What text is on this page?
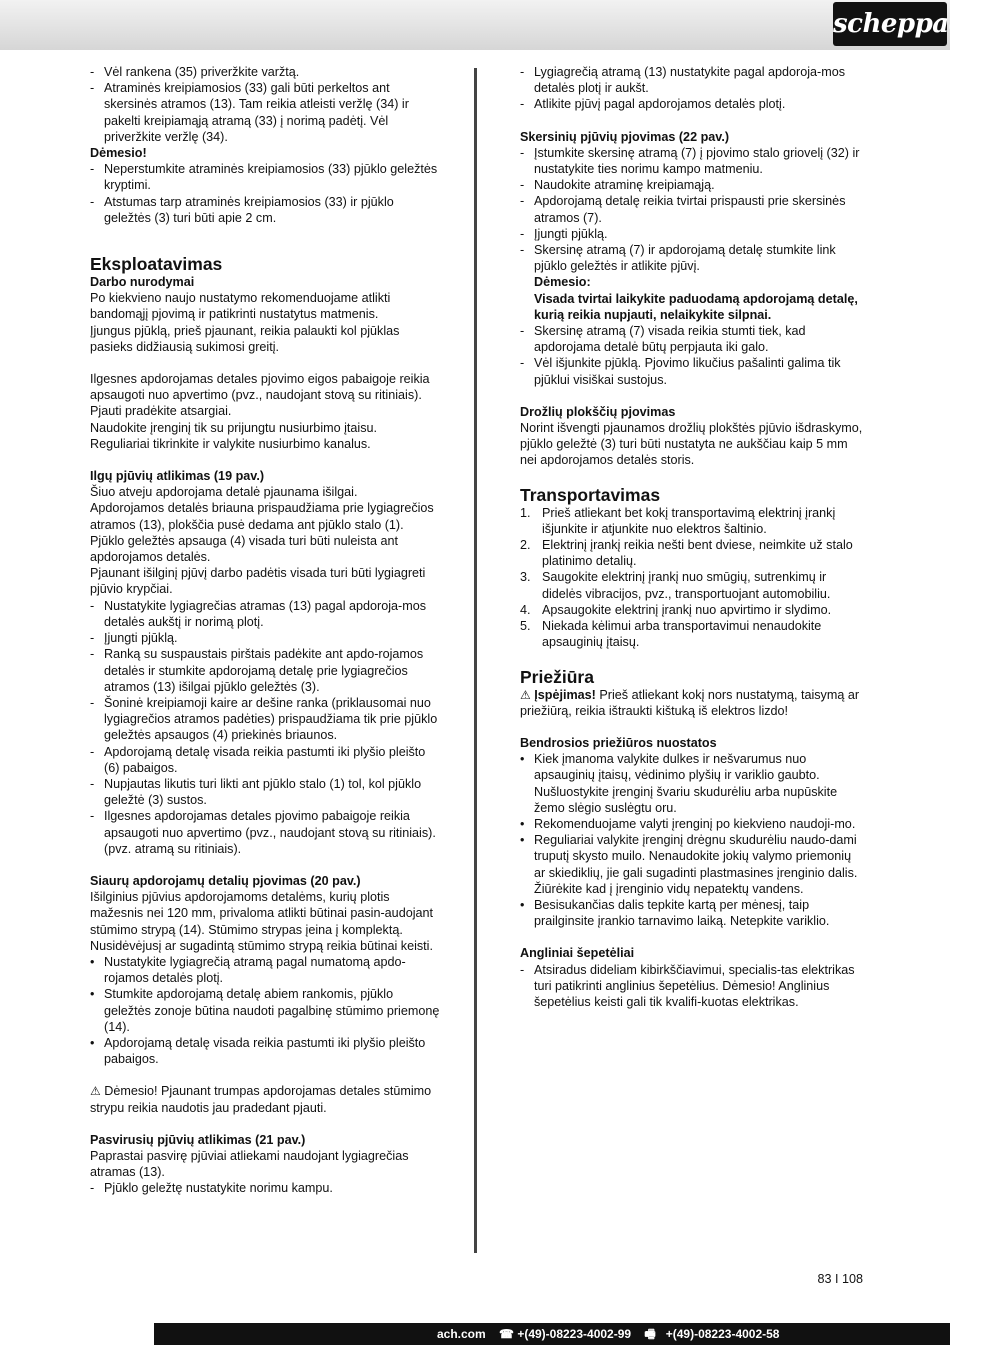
scheppach

- Vėl rankena (35) priveržkite varžtą.

- Atraminės kreipiamosios (33) gali būti perkeltos ant skersinės atramos (13). Tam reikia atleisti veržlę (34) ir pakelti kreipiamąją atramą (33) į norimą padėtį. Vėl priveržkite veržlę (34).

Dėmesio!

- Neperstumkite atraminės kreipiamosios (33) pjūklo geležtės kryptimi.

- Atstumas tarp atraminės kreipiamosios (33) ir pjūklo geležtės (3) turi būti apie 2 cm.

Eksploatavimas

Darbo nurodymai

Po kiekvieno naujo nustatymo rekomenduojame atlikti bandomąjį pjovimą ir patikrinti nustatytus matmenis.

Įjungus pjūklą, prieš pjaunant, reikia palaukti kol pjūklas pasieks didžiausią sukimosi greitį.

Ilgesnes apdorojamas detales pjovimo eigos pabaigoje reikia apsaugoti nuo apvertimo (pvz., naudojant stovą su ritiniais).

Pjauti pradėkite atsargiai.

Naudokite įrenginį tik su prijungtu nusiurbimo įtaisu.

Reguliariai tikrinkite ir valykite nusiurbimo kanalus.

Ilgų pjūvių atlikimas (19 pav.)

Šiuo atveju apdorojama detalė pjaunama išilgai.

Apdorojamos detalės briauna prispaudžiama prie lygiagrečios atramos (13), plokščia pusė dedama ant pjūklo stalo (1).

Pjūklo geležtės apsauga (4) visada turi būti nuleista ant apdorojamos detalės.

Pjaunant išilginį pjūvį darbo padėtis visada turi būti lygiagreti pjūvio krypčiai.

- Nustatykite lygiagrečias atramas (13) pagal apdoroja-mos detalės aukštį ir norimą plotį.

- Įjungti pjūklą.

- Ranką su suspaustais pirštais padėkite ant apdo-rojamos detalės ir stumkite apdorojamą detalę prie lygiagrečios atramos (13) išilgai pjūklo geležtės (3).

- Šoninė kreipiamoji kaire ar dešine ranka (priklausomai nuo lygiagrečios atramos padėties) prispaudžiama tik prie pjūklo geležtės apsaugos (4) priekinės briaunos.

- Apdorojamą detalę visada reikia pastumti iki plyšio pleišto (6) pabaigos.

- Nupjautas likutis turi likti ant pjūklo stalo (1) tol, kol pjūklo geležtė (3) sustos.

- Ilgesnes apdorojamas detales pjovimo pabaigoje reikia apsaugoti nuo apvertimo (pvz., naudojant stovą su ritiniais). (pvz. atramą su ritiniais).

Siaurų apdorojamų detalių pjovimas (20 pav.)

Išilginius pjūvius apdorojamoms detalėms, kurių plotis mažesnis nei 120 mm, privaloma atlikti būtinai pasin-audojant stūmimo strypą (14). Stūmimo strypas įeina į komplektą. Nusidėvėjusį ar sugadintą stūmimo strypą reikia būtinai keisti.

• Nustatykite lygiagrečią atramą pagal numatomą apdo-rojamos detalės plotį.

• Stumkite apdorojamą detalę abiem rankomis, pjūklo geležtės zonoje būtina naudoti pagalbinę stūmimo priemonę (14).

• Apdorojamą detalę visada reikia pastumti iki plyšio pleišto pabaigos.

⚠ Dėmesio! Pjaunant trumpas apdorojamas detales stūmimo strypu reikia naudotis jau pradedant pjauti.

Pasvirusių pjūvių atlikimas (21 pav.)

Paprastai pasvirę pjūviai atliekami naudojant lygiagrečias atramas (13).

- Pjūklo geležtę nustatykite norimu kampu.

- Lygiagrečią atramą (13) nustatykite pagal apdoroja-mos detalės plotį ir aukšt.

- Atlikite pjūvį pagal apdorojamos detalės plotį.

Skersinių pjūvių pjovimas (22 pav.)

- Įstumkite skersinę atramą (7) į pjovimo stalo griovelį (32) ir nustatykite ties norimu kampo matmeniu.

- Naudokite atraminę kreipiamąją.

- Apdorojamą detalę reikia tvirtai prispausti prie skersinės atramos (7).

- Įjungti pjūklą.

- Skersinę atramą (7) ir apdorojamą detalę stumkite link pjūklo geležtės ir atlikite pjūvį.

Dėmesio:

Visada tvirtai laikykite paduodamą apdorojamą detalę, kurią reikia nupjauti, nelaikykite silpnai.

- Skersinę atramą (7) visada reikia stumti tiek, kad apdorojama detalė būtų perpjauta iki galo.

- Vėl išjunkite pjūklą. Pjovimo likučius pašalinti galima tik pjūklui visiškai sustojus.

Drožlių plokščių pjovimas

Norint išvengti pjaunamos drožlių plokštės pjūvio išdraskymo, pjūklo geležtė (3) turi būti nustatyta ne aukščiau kaip 5 mm nei apdorojamos detalės storis.

Transportavimas

1. Prieš atliekant bet kokį transportavimą elektrinį įrankį išjunkite ir atjunkite nuo elektros šaltinio.

2. Elektrinį įrankį reikia nešti bent dviese, neimkite už stalo platinimo detalių.

3. Saugokite elektrinį įrankį nuo smūgių, sutrenkimų ir didelės vibracijos, pvz., transportuojant automobiliu.

4. Apsaugokite elektrinį įrankį nuo apvirtimo ir slydimo.

5. Niekada kėlimui arba transportavimui nenaudokite apsauginių įtaisų.

Priežiūra

⚠ Įspėjimas! Prieš atliekant kokį nors nustatymą, taisymą ar priežiūrą, reikia ištraukti kištuką iš elektros lizdo!

Bendrosios priežiūros nuostatos

• Kiek įmanoma valykite dulkes ir nešvarumus nuo apsauginių įtaisų, vėdinimo plyšių ir variklio gaubto. Nušluostykite įrenginį švariu skudurėliu arba nupūskite žemo slėgio suslėgtu oru.

• Rekomenduojame valyti įrenginį po kiekvieno naudoji-mo.

• Reguliariai valykite įrenginį drėgnu skudurėliu naudo-dami truputį skysto muilo. Nenaudokite jokių valymo priemonių ar skiediklių, jie gali sugadinti plastmasines įrenginio dalis. Žiūrėkite kad į įrenginio vidų nepatektų vandens.

• Besisukančias dalis tepkite kartą per mėnesį, taip prailginsite įrankio tarnavimo laiką. Netepkite variklio.

Angliniai šepetėliai

- Atsiradus dideliam kibirkščiavimui, specialis-tas elektrikas turi patikrinti anglinius šepetėlius. Dėmesio! Anglinius šepetėlius keisti gali tik kvalifi-kuotas elektrikas.

83 I 108
ach.com ☎ +(49)-08223-4002-99 🖷 +(49)-08223-4002-58
